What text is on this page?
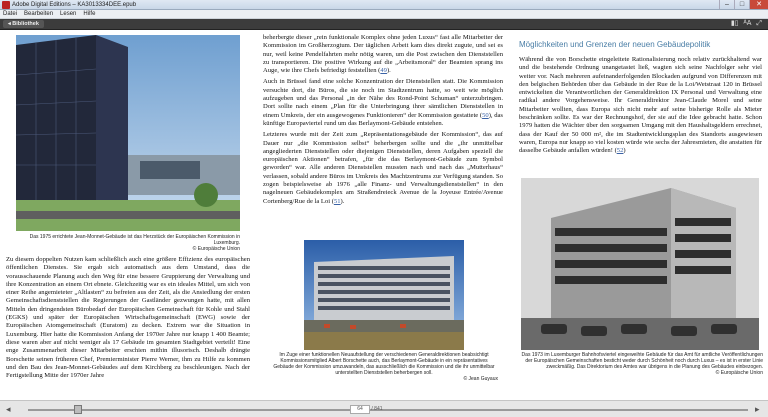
Adobe Digital Editions – KA3013334DEE.epub	–	□	✕
Datei Bearbeiten Lesen Hilfe
◂ Bibliothek	▮▯ ᴬA ⤢
Das 1975 errichtete Jean-Monnet-Gebäude ist das Herzstück der Europäischen Kommission in Luxemburg.
© Europäische Union

Zu diesem doppelten Nutzen kam schließlich auch eine größere Effizienz des europäischen öffentlichen Dienstes. Sie ergab sich automatisch aus dem Umstand, dass die vorausschauende Planung auch den Weg für eine bessere Gruppierung der Verwaltung und ihre Konzentration an einem Ort ebnete. Gleichzeitig war es ein ideales Mittel, um sich von einer Reihe angemieteter „Altlasten“ zu befreien aus der Zeit, als die Ansiedlung der ersten Gemeinschaftsdienststellen die Regierungen der Gastländer gezwungen hatte, mit allen Mitteln den dringendsten Bürobedarf der Europäischen Gemeinschaft für Kohle und Stahl (EGKS) und später der Europäischen Wirtschaftsgemeinschaft (EWG) sowie der Europäischen Atomgemeinschaft (Euratom) zu decken. Extrem war die Situation in Luxemburg. Hier hatte die Kommission Anfang der 1970er Jahre nur knapp 1 400 Beamte; diese waren aber auf nicht weniger als 17 Gebäude im gesamten Stadtgebiet verteilt! Eine enge Zusammenarbeit dieser Mitarbeiter erschien mithin illusorisch. Deshalb drängte Borschette seinen früheren Chef, Premierminister Pierre Werner, ihm zu Hilfe zu kommen und den Bau des Jean-Monnet-Gebäudes auf dem Kirchberg zu beschleunigen. Nach der Fertigstellung Mitte der 1970er Jahre

beherbergte dieser „rein funktionale Komplex ohne jeden Luxus“ fast alle Mitarbeiter der Kommission im Großherzogtum. Der täglichen Arbeit kam dies direkt zugute, und sei es nur, weil keine Pendelfahrten mehr nötig waren, um die Post zwischen den Dienststellen zu transportieren. Die positive Wirkung auf die „Arbeitsmoral“ der Beamten sprang ins Auge, wie ihre Chefs befriedigt feststellten (49).

Auch in Brüssel fand eine solche Konzentration der Dienststellen statt. Die Kommission versuchte dort, die Büros, die sie noch im Stadtzentrum hatte, so weit wie möglich aufzugeben und das Personal „in der Nähe des Rond-Point Schuman“ unterzubringen. Dort sollte nach einem „Plan für die Unterbringung ihrer sämtlichen Dienststellen in einem Umkreis, der ein ausgewogenes Funktionieren“ der Kommission gestattete (50), das künftige Europaviertel rund um das Berlaymont-Gebäude entstehen.

Letzteres wurde mit der Zeit zum „Repräsentationsgebäude der Kommission“, das auf Dauer nur „die Kommission selbst“ beherbergen sollte und die „ihr unmittelbar angegliederten Dienststellen oder diejenigen Dienststellen, deren Aufgaben speziell die europäischen Aktionen“ betrafen, „für die das Berlaymont-Gebäude zum Symbol geworden“ war. Alle anderen Dienststellen mussten nach und nach das „Mutterhaus“ verlassen, sobald andere Büros im Umkreis des Machtzentrums zur Verfügung standen. So zogen beispielsweise ab 1976 „alle Finanz- und Verwaltungsdienststellen“ in den nagelneuen Gebäudekomplex am Straßendreieck Avenue de la Joyeuse Entrée/Avenue Cortenberg/Rue de la Loi (51).

Im Zuge einer funktionellen Neuaufstellung der verschiedenen Generaldirektionen beabsichtigt Kommissionsmitglied Albert Borschette auch, das Berlaymont-Gebäude in ein repräsentatives Gebäude der Kommission umzuwandeln, das ausschließlich die Kommission und die ihr unmittelbar unterstellten Dienststellen beherbergen soll.
© Jean Guyaux
Möglichkeiten und Grenzen der neuen Gebäudepolitik

Während die von Borschette eingeleitete Rationalisierung noch relativ zurückhaltend war und die bestehende Ordnung unangetastet ließ, wagten sich seine Nachfolger sehr viel weiter vor. Nach mehreren aufeinanderfolgenden Blockaden aufgrund von Differenzen mit den belgischen Behörden über das Gebäude in der Rue de la Loi/Wetstraat 120 in Brüssel entwickelten die Verantwortlichen der Generaldirektion IX Personal und Verwaltung eine radikal andere Vorgehensweise. Ihr Generaldirektor Jean-Claude Morel und seine Mitarbeiter wollten, dass Europa sich nicht mehr auf seine bisherige Rolle als Mieter beschränken sollte. Es war der Rechnungshof, der sie auf die Idee gebracht hatte. Schon 1979 hatten die Wächter über den sorgsamen Umgang mit den Haushaltsgeldern errechnet, dass der Kauf der 50 000 m², die im Stadtentwicklungsplan des Standorts ausgewiesen waren, Europa nur knapp so viel kosten würde wie sechs der Jahresmieten, die anstatten für dasselbe Gebäude anfallen würden! (52)

Das 1973 im Luxemburger Bahnhofsviertel eingeweihte Gebäude für das Amt für amtliche Veröffentlichungen der Europäischen Gemeinschaften besticht weder durch Schönheit noch durch Luxus – es ist in erster Linie zweckmäßig. Das Direktorium des Amtes war übrigens in die Planung des Gebäudes einbezogen.
© Europäische Union
◂	▸
64 / 841
